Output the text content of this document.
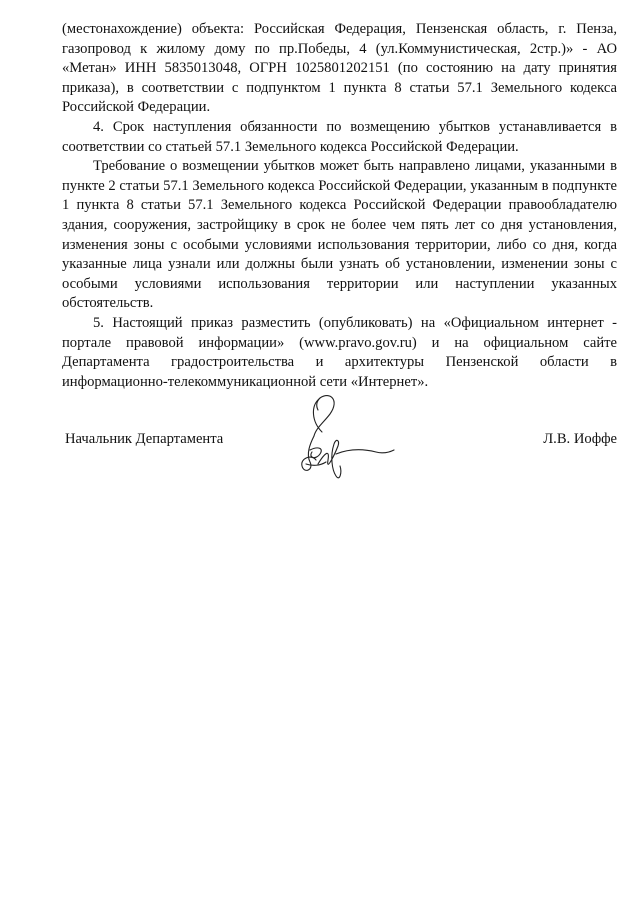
(местонахождение) объекта: Российская Федерация, Пензенская область, г. Пенза, газопровод к жилому дому по пр.Победы, 4 (ул.Коммунистическая, 2стр.)» - АО «Метан» ИНН 5835013048, ОГРН 1025801202151 (по состоянию на дату принятия приказа), в соответствии с подпунктом 1 пункта 8 статьи 57.1 Земельного кодекса Российской Федерации.

4. Срок наступления обязанности по возмещению убытков устанавливается в соответствии со статьей 57.1 Земельного кодекса Российской Федерации.

Требование о возмещении убытков может быть направлено лицами, указанными в пункте 2 статьи 57.1 Земельного кодекса Российской Федерации, указанным в подпункте 1 пункта 8 статьи 57.1 Земельного кодекса Российской Федерации правообладателю здания, сооружения, застройщику в срок не более чем пять лет со дня установления, изменения зоны с особыми условиями использования территории, либо со дня, когда указанные лица узнали или должны были узнать об установлении, изменении зоны с особыми условиями использования территории или наступлении указанных обстоятельств.

5. Настоящий приказ разместить (опубликовать) на «Официальном интернет - портале правовой информации» (www.pravo.gov.ru) и на официальном сайте Департамента градостроительства и архитектуры Пензенской области в информационно-телекоммуникационной сети «Интернет».

Начальник Департамента	Л.В. Иоффе
